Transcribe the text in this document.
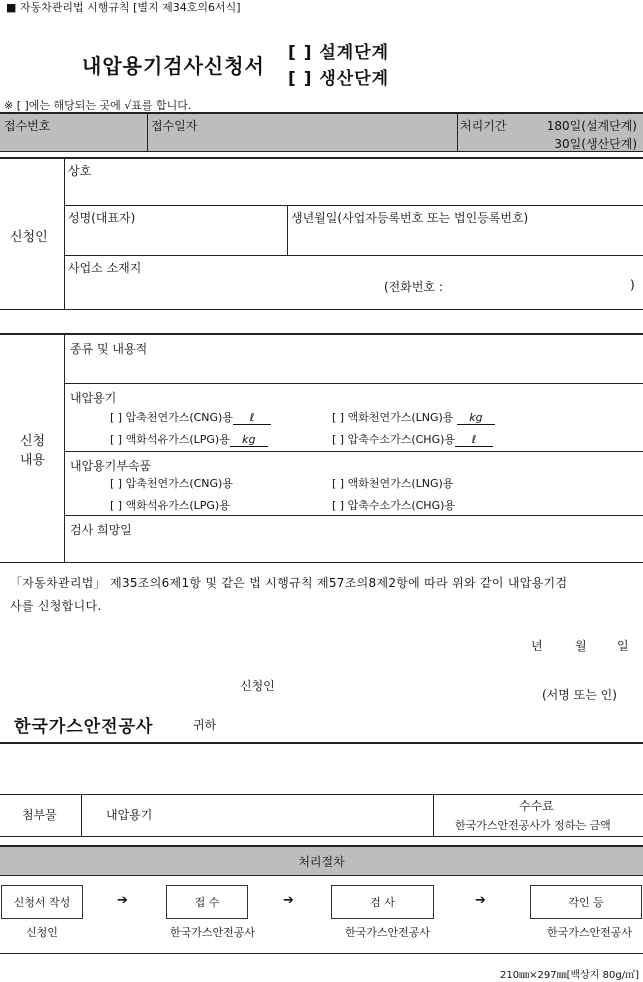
■ 자동차관리법 시행규칙 [별지 제34호의6서식]
내압용기검사신청서
[ ] 설계단계
[ ] 생산단계
※ [ ]에는 해당되는 곳에 √표를 합니다.
접수번호	접수일자	처리기간	180일(설계단계)
30일(생산단계)
신청인
상호
성명(대표자)	생년월일(사업자등록번호 또는 법인등록번호)
사업소 소재지
(전화번호 :	)
신청
내용
종류 및 내용적
내압용기
[ ] 압축천연가스(CNG)용 ℓ	[ ] 액화천연가스(LNG)용 kg
[ ] 액화석유가스(LPG)용 kg	[ ] 압축수소가스(CHG)용 ℓ
내압용기부속품
[ ] 압축천연가스(CNG)용	[ ] 액화천연가스(LNG)용
[ ] 액화석유가스(LPG)용	[ ] 압축수소가스(CHG)용
검사 희망일
「자동차관리법」 제35조의6제1항 및 같은 법 시행규칙 제57조의8제2항에 따라 위와 같이 내압용기검
사를 신청합니다.
년	월	일
신청인
(서명 또는 인)
한국가스안전공사	귀하
첨부물	내압용기
수수료
한국가스안전공사가 정하는 금액
처리절차
신청서 작성	접 수	검 사	각인 등
➔	➔	➔
신청인	한국가스안전공사	한국가스안전공사	한국가스안전공사
210㎜×297㎜[백상지 80g/㎡]
